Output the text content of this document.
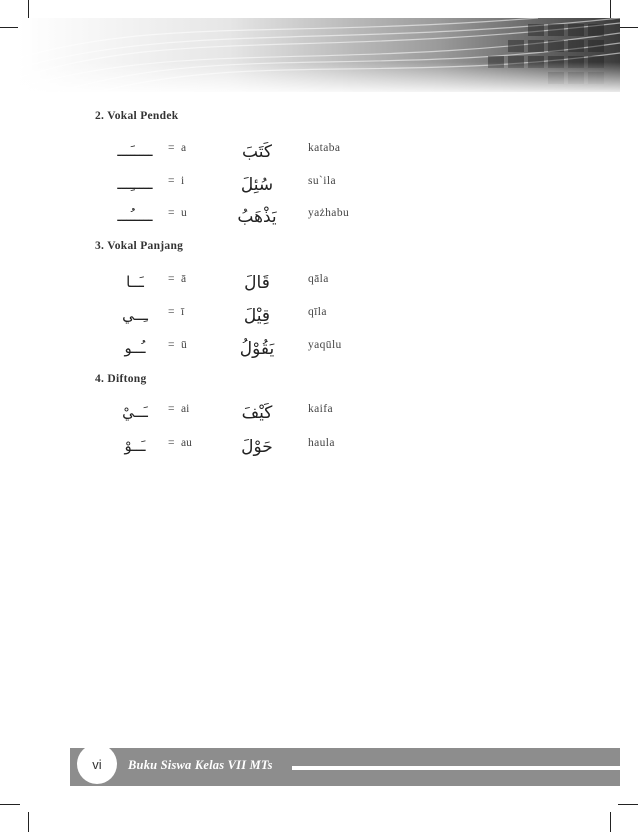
2. Vokal Pendek
ـــــَـــ	= a	كَتَبَ	kataba
ـــــِـــ	= i	سُئِلَ	su`ila
ـــــُـــ	= u	يَذْهَبُ	yażhabu
3. Vokal Panjang
ـَــا	= ā	قَالَ	qāla
ـِــي	= ī	قِيْلَ	qīla
ـُــو	= ū	يَقُوْلُ	yaqūlu
4. Diftong
ـَــيْ	= ai	كَيْفَ	kaifa
ـَــوْ	= au	حَوْلَ	haula
vi Buku Siswa Kelas VII MTs
